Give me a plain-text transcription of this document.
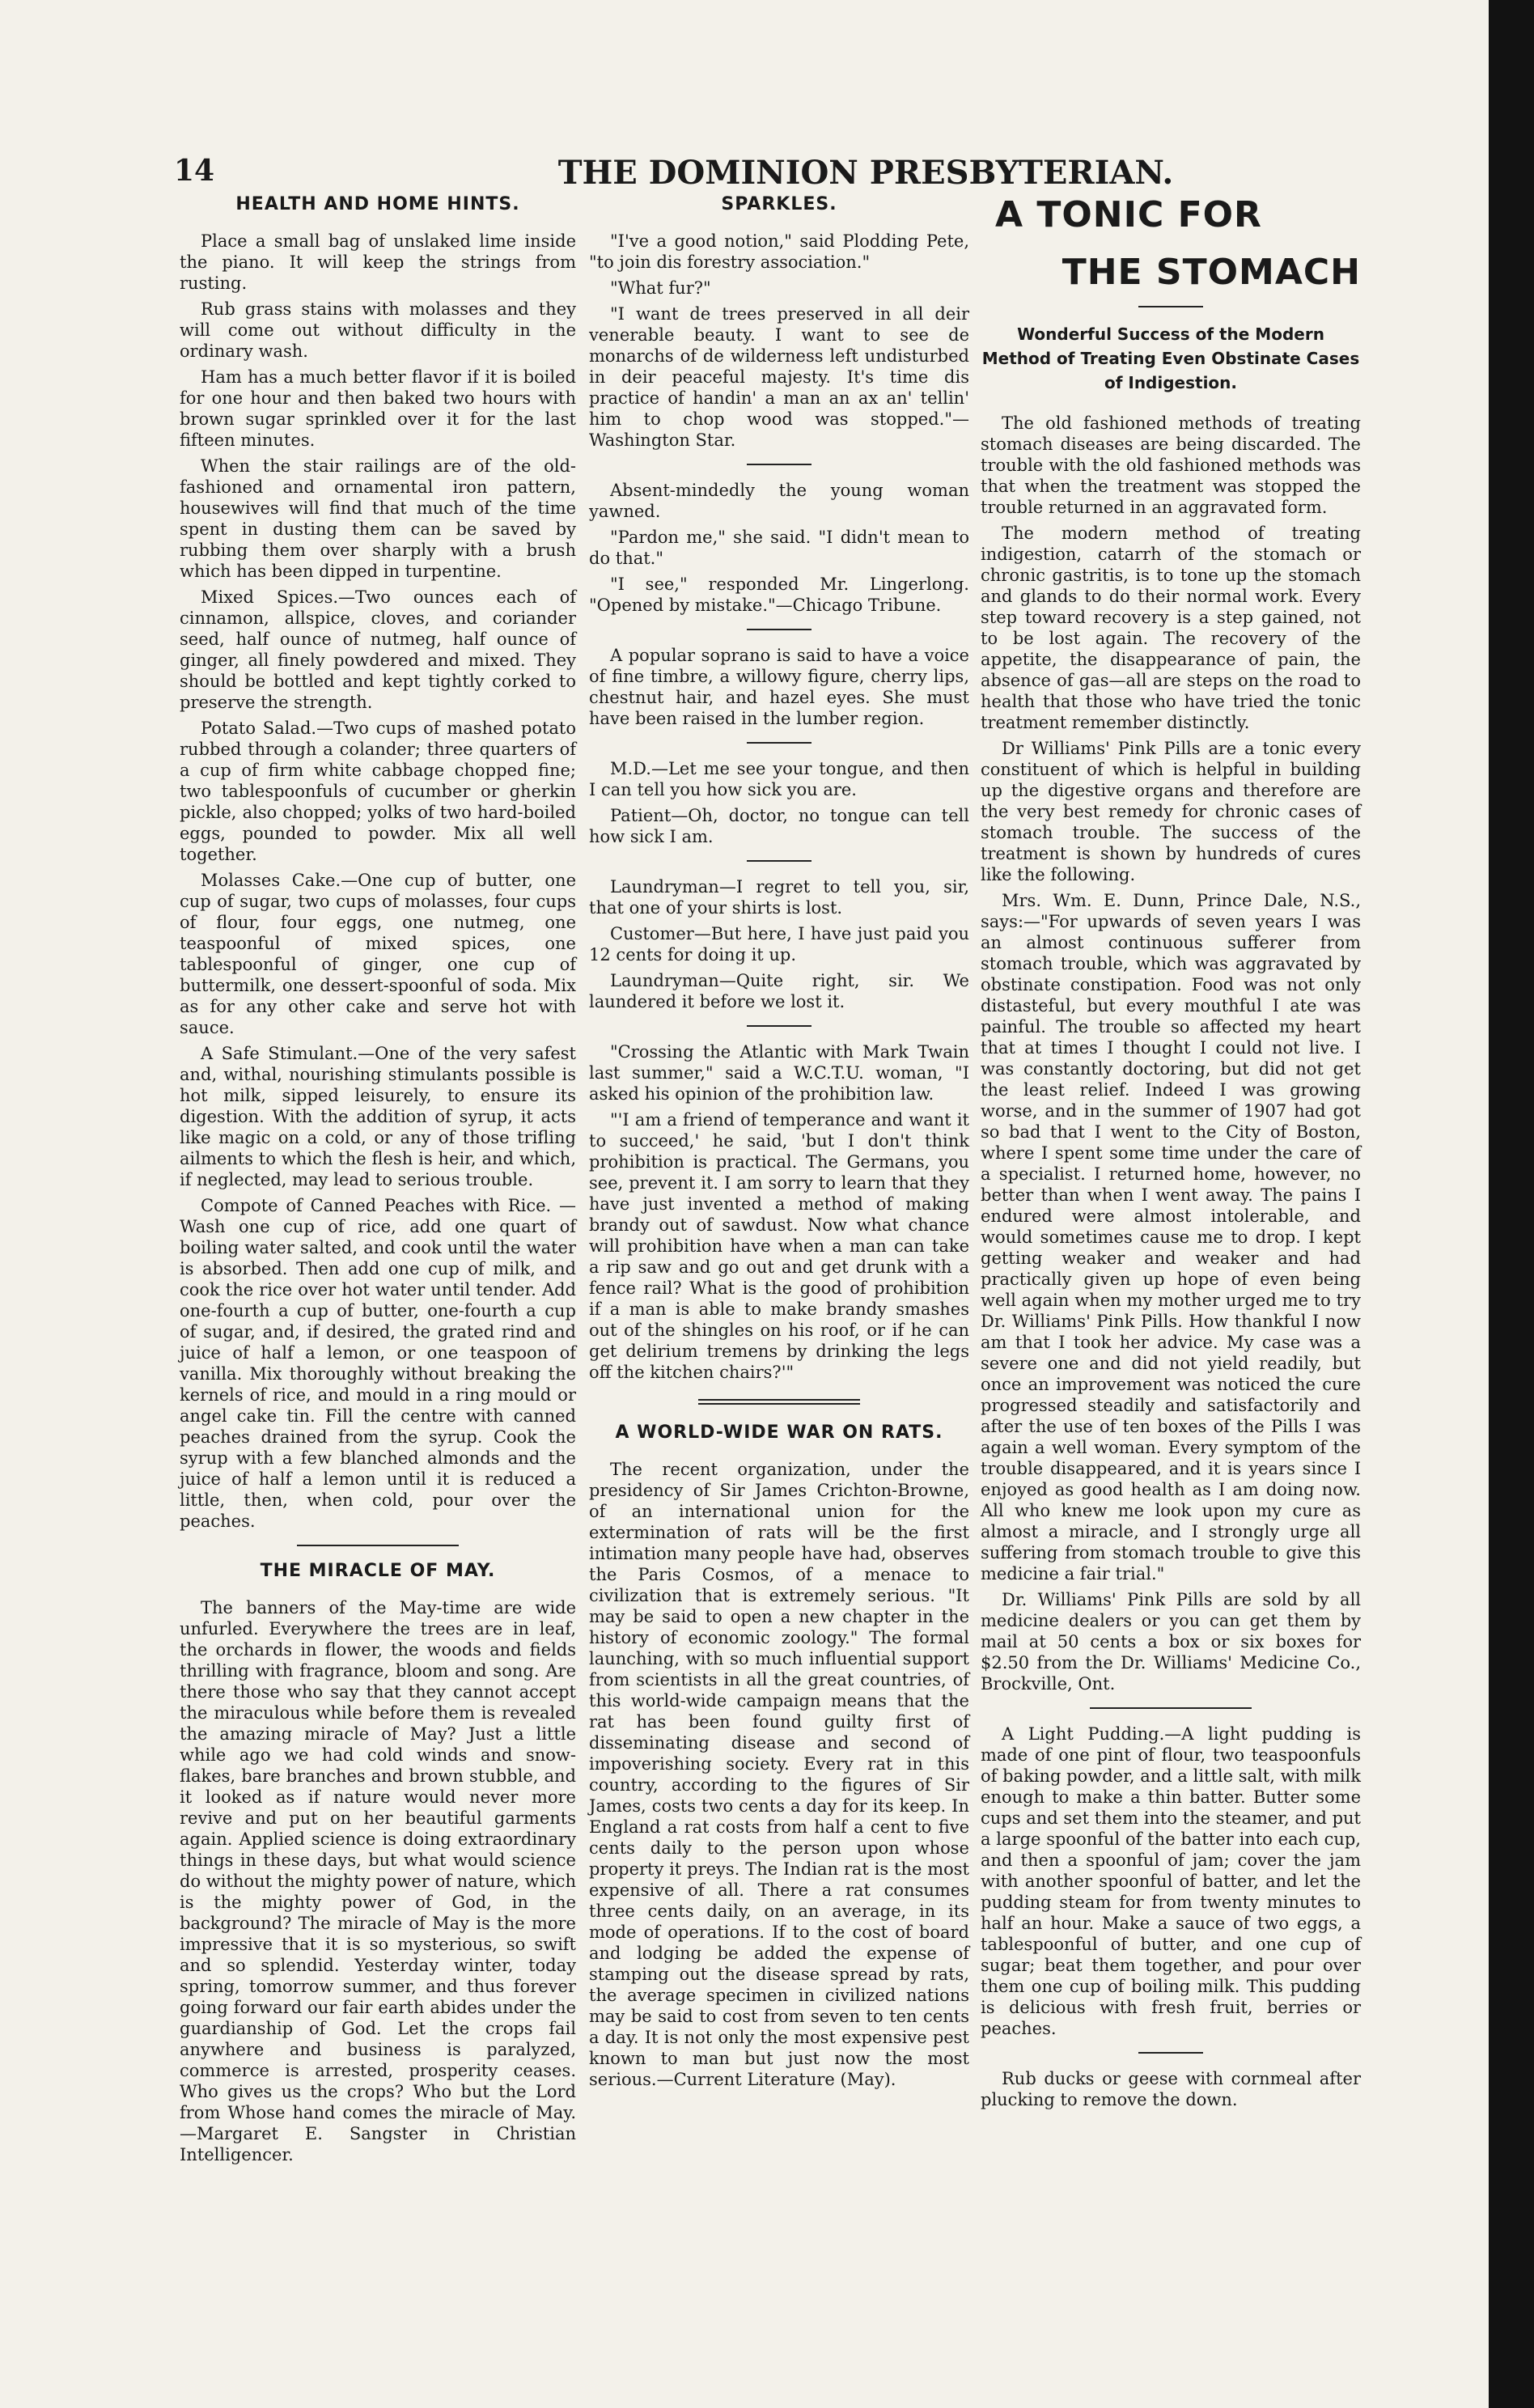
14	THE DOMINION PRESBYTERIAN.
HEALTH AND HOME HINTS.

Place a small bag of unslaked lime inside the piano. It will keep the strings from rusting.

Rub grass stains with molasses and they will come out without difficulty in the ordinary wash.

Ham has a much better flavor if it is boiled for one hour and then baked two hours with brown sugar sprinkled over it for the last fifteen minutes.

When the stair railings are of the old-fashioned and ornamental iron pattern, housewives will find that much of the time spent in dusting them can be saved by rubbing them over sharply with a brush which has been dipped in turpentine.

Mixed Spices.—Two ounces each of cinnamon, allspice, cloves, and coriander seed, half ounce of nutmeg, half ounce of ginger, all finely powdered and mixed. They should be bottled and kept tightly corked to preserve the strength.

Potato Salad.—Two cups of mashed potato rubbed through a colander; three quarters of a cup of firm white cabbage chopped fine; two tablespoonfuls of cucumber or gherkin pickle, also chopped; yolks of two hard-boiled eggs, pounded to powder. Mix all well together.

Molasses Cake.—One cup of butter, one cup of sugar, two cups of molasses, four cups of flour, four eggs, one nutmeg, one teaspoonful of mixed spices, one tablespoonful of ginger, one cup of buttermilk, one dessert-spoonful of soda. Mix as for any other cake and serve hot with sauce.

A Safe Stimulant.—One of the very safest and, withal, nourishing stimulants possible is hot milk, sipped leisurely, to ensure its digestion. With the addition of syrup, it acts like magic on a cold, or any of those trifling ailments to which the flesh is heir, and which, if neglected, may lead to serious trouble.

Compote of Canned Peaches with Rice. —Wash one cup of rice, add one quart of boiling water salted, and cook until the water is absorbed. Then add one cup of milk, and cook the rice over hot water until tender. Add one-fourth a cup of butter, one-fourth a cup of sugar, and, if desired, the grated rind and juice of half a lemon, or one teaspoon of vanilla. Mix thoroughly without breaking the kernels of rice, and mould in a ring mould or angel cake tin. Fill the centre with canned peaches drained from the syrup. Cook the syrup with a few blanched almonds and the juice of half a lemon until it is reduced a little, then, when cold, pour over the peaches.

THE MIRACLE OF MAY.

The banners of the May-time are wide unfurled. Everywhere the trees are in leaf, the orchards in flower, the woods and fields thrilling with fragrance, bloom and song. Are there those who say that they cannot accept the miraculous while before them is revealed the amazing miracle of May? Just a little while ago we had cold winds and snow-flakes, bare branches and brown stubble, and it looked as if nature would never more revive and put on her beautiful garments again. Applied science is doing extraordinary things in these days, but what would science do without the mighty power of nature, which is the mighty power of God, in the background? The miracle of May is the more impressive that it is so mysterious, so swift and so splendid. Yesterday winter, today spring, tomorrow summer, and thus forever going forward our fair earth abides under the guardianship of God. Let the crops fail anywhere and business is paralyzed, commerce is arrested, prosperity ceases. Who gives us the crops? Who but the Lord from Whose hand comes the miracle of May. —Margaret E. Sangster in Christian Intelligencer.

SPARKLES.

"I've a good notion," said Plodding Pete, "to join dis forestry association."

"What fur?"

"I want de trees preserved in all deir venerable beauty. I want to see de monarchs of de wilderness left undisturbed in deir peaceful majesty. It's time dis practice of handin' a man an ax an' tellin' him to chop wood was stopped."—Washington Star.

Absent-mindedly the young woman yawned.

"Pardon me," she said. "I didn't mean to do that."

"I see," responded Mr. Lingerlong. "Opened by mistake."—Chicago Tribune.

A popular soprano is said to have a voice of fine timbre, a willowy figure, cherry lips, chestnut hair, and hazel eyes. She must have been raised in the lumber region.

M.D.—Let me see your tongue, and then I can tell you how sick you are.

Patient—Oh, doctor, no tongue can tell how sick I am.

Laundryman—I regret to tell you, sir, that one of your shirts is lost.

Customer—But here, I have just paid you 12 cents for doing it up.

Laundryman—Quite right, sir. We laundered it before we lost it.

"Crossing the Atlantic with Mark Twain last summer," said a W.C.T.U. woman, "I asked his opinion of the prohibition law.

"'I am a friend of temperance and want it to succeed,' he said, 'but I don't think prohibition is practical. The Germans, you see, prevent it. I am sorry to learn that they have just invented a method of making brandy out of sawdust. Now what chance will prohibition have when a man can take a rip saw and go out and get drunk with a fence rail? What is the good of prohibition if a man is able to make brandy smashes out of the shingles on his roof, or if he can get delirium tremens by drinking the legs off the kitchen chairs?'"

A WORLD-WIDE WAR ON RATS.

The recent organization, under the presidency of Sir James Crichton-Browne, of an international union for the extermination of rats will be the first intimation many people have had, observes the Paris Cosmos, of a menace to civilization that is extremely serious. "It may be said to open a new chapter in the history of economic zoology." The formal launching, with so much influential support from scientists in all the great countries, of this world-wide campaign means that the rat has been found guilty first of disseminating disease and second of impoverishing society. Every rat in this country, according to the figures of Sir James, costs two cents a day for its keep. In England a rat costs from half a cent to five cents daily to the person upon whose property it preys. The Indian rat is the most expensive of all. There a rat consumes three cents daily, on an average, in its mode of operations. If to the cost of board and lodging be added the expense of stamping out the disease spread by rats, the average specimen in civilized nations may be said to cost from seven to ten cents a day. It is not only the most expensive pest known to man but just now the most serious.—Current Literature (May).

A TONIC FOR
THE STOMACH
Wonderful Success of the Modern Method of Treating Even Obstinate Cases of Indigestion.

The old fashioned methods of treating stomach diseases are being discarded. The trouble with the old fashioned methods was that when the treatment was stopped the trouble returned in an aggravated form.

The modern method of treating indigestion, catarrh of the stomach or chronic gastritis, is to tone up the stomach and glands to do their normal work. Every step toward recovery is a step gained, not to be lost again. The recovery of the appetite, the disappearance of pain, the absence of gas—all are steps on the road to health that those who have tried the tonic treatment remember distinctly.

Dr Williams' Pink Pills are a tonic every constituent of which is helpful in building up the digestive organs and therefore are the very best remedy for chronic cases of stomach trouble. The success of the treatment is shown by hundreds of cures like the following.

Mrs. Wm. E. Dunn, Prince Dale, N.S., says:—"For upwards of seven years I was an almost continuous sufferer from stomach trouble, which was aggravated by obstinate constipation. Food was not only distasteful, but every mouthful I ate was painful. The trouble so affected my heart that at times I thought I could not live. I was constantly doctoring, but did not get the least relief. Indeed I was growing worse, and in the summer of 1907 had got so bad that I went to the City of Boston, where I spent some time under the care of a specialist. I returned home, however, no better than when I went away. The pains I endured were almost intolerable, and would sometimes cause me to drop. I kept getting weaker and weaker and had practically given up hope of even being well again when my mother urged me to try Dr. Williams' Pink Pills. How thankful I now am that I took her advice. My case was a severe one and did not yield readily, but once an improvement was noticed the cure progressed steadily and satisfactorily and after the use of ten boxes of the Pills I was again a well woman. Every symptom of the trouble disappeared, and it is years since I enjoyed as good health as I am doing now. All who knew me look upon my cure as almost a miracle, and I strongly urge all suffering from stomach trouble to give this medicine a fair trial."

Dr. Williams' Pink Pills are sold by all medicine dealers or you can get them by mail at 50 cents a box or six boxes for $2.50 from the Dr. Williams' Medicine Co., Brockville, Ont.

A Light Pudding.—A light pudding is made of one pint of flour, two teaspoonfuls of baking powder, and a little salt, with milk enough to make a thin batter. Butter some cups and set them into the steamer, and put a large spoonful of the batter into each cup, and then a spoonful of jam; cover the jam with another spoonful of batter, and let the pudding steam for from twenty minutes to half an hour. Make a sauce of two eggs, a tablespoonful of butter, and one cup of sugar; beat them together, and pour over them one cup of boiling milk. This pudding is delicious with fresh fruit, berries or peaches.

Rub ducks or geese with cornmeal after plucking to remove the down.
